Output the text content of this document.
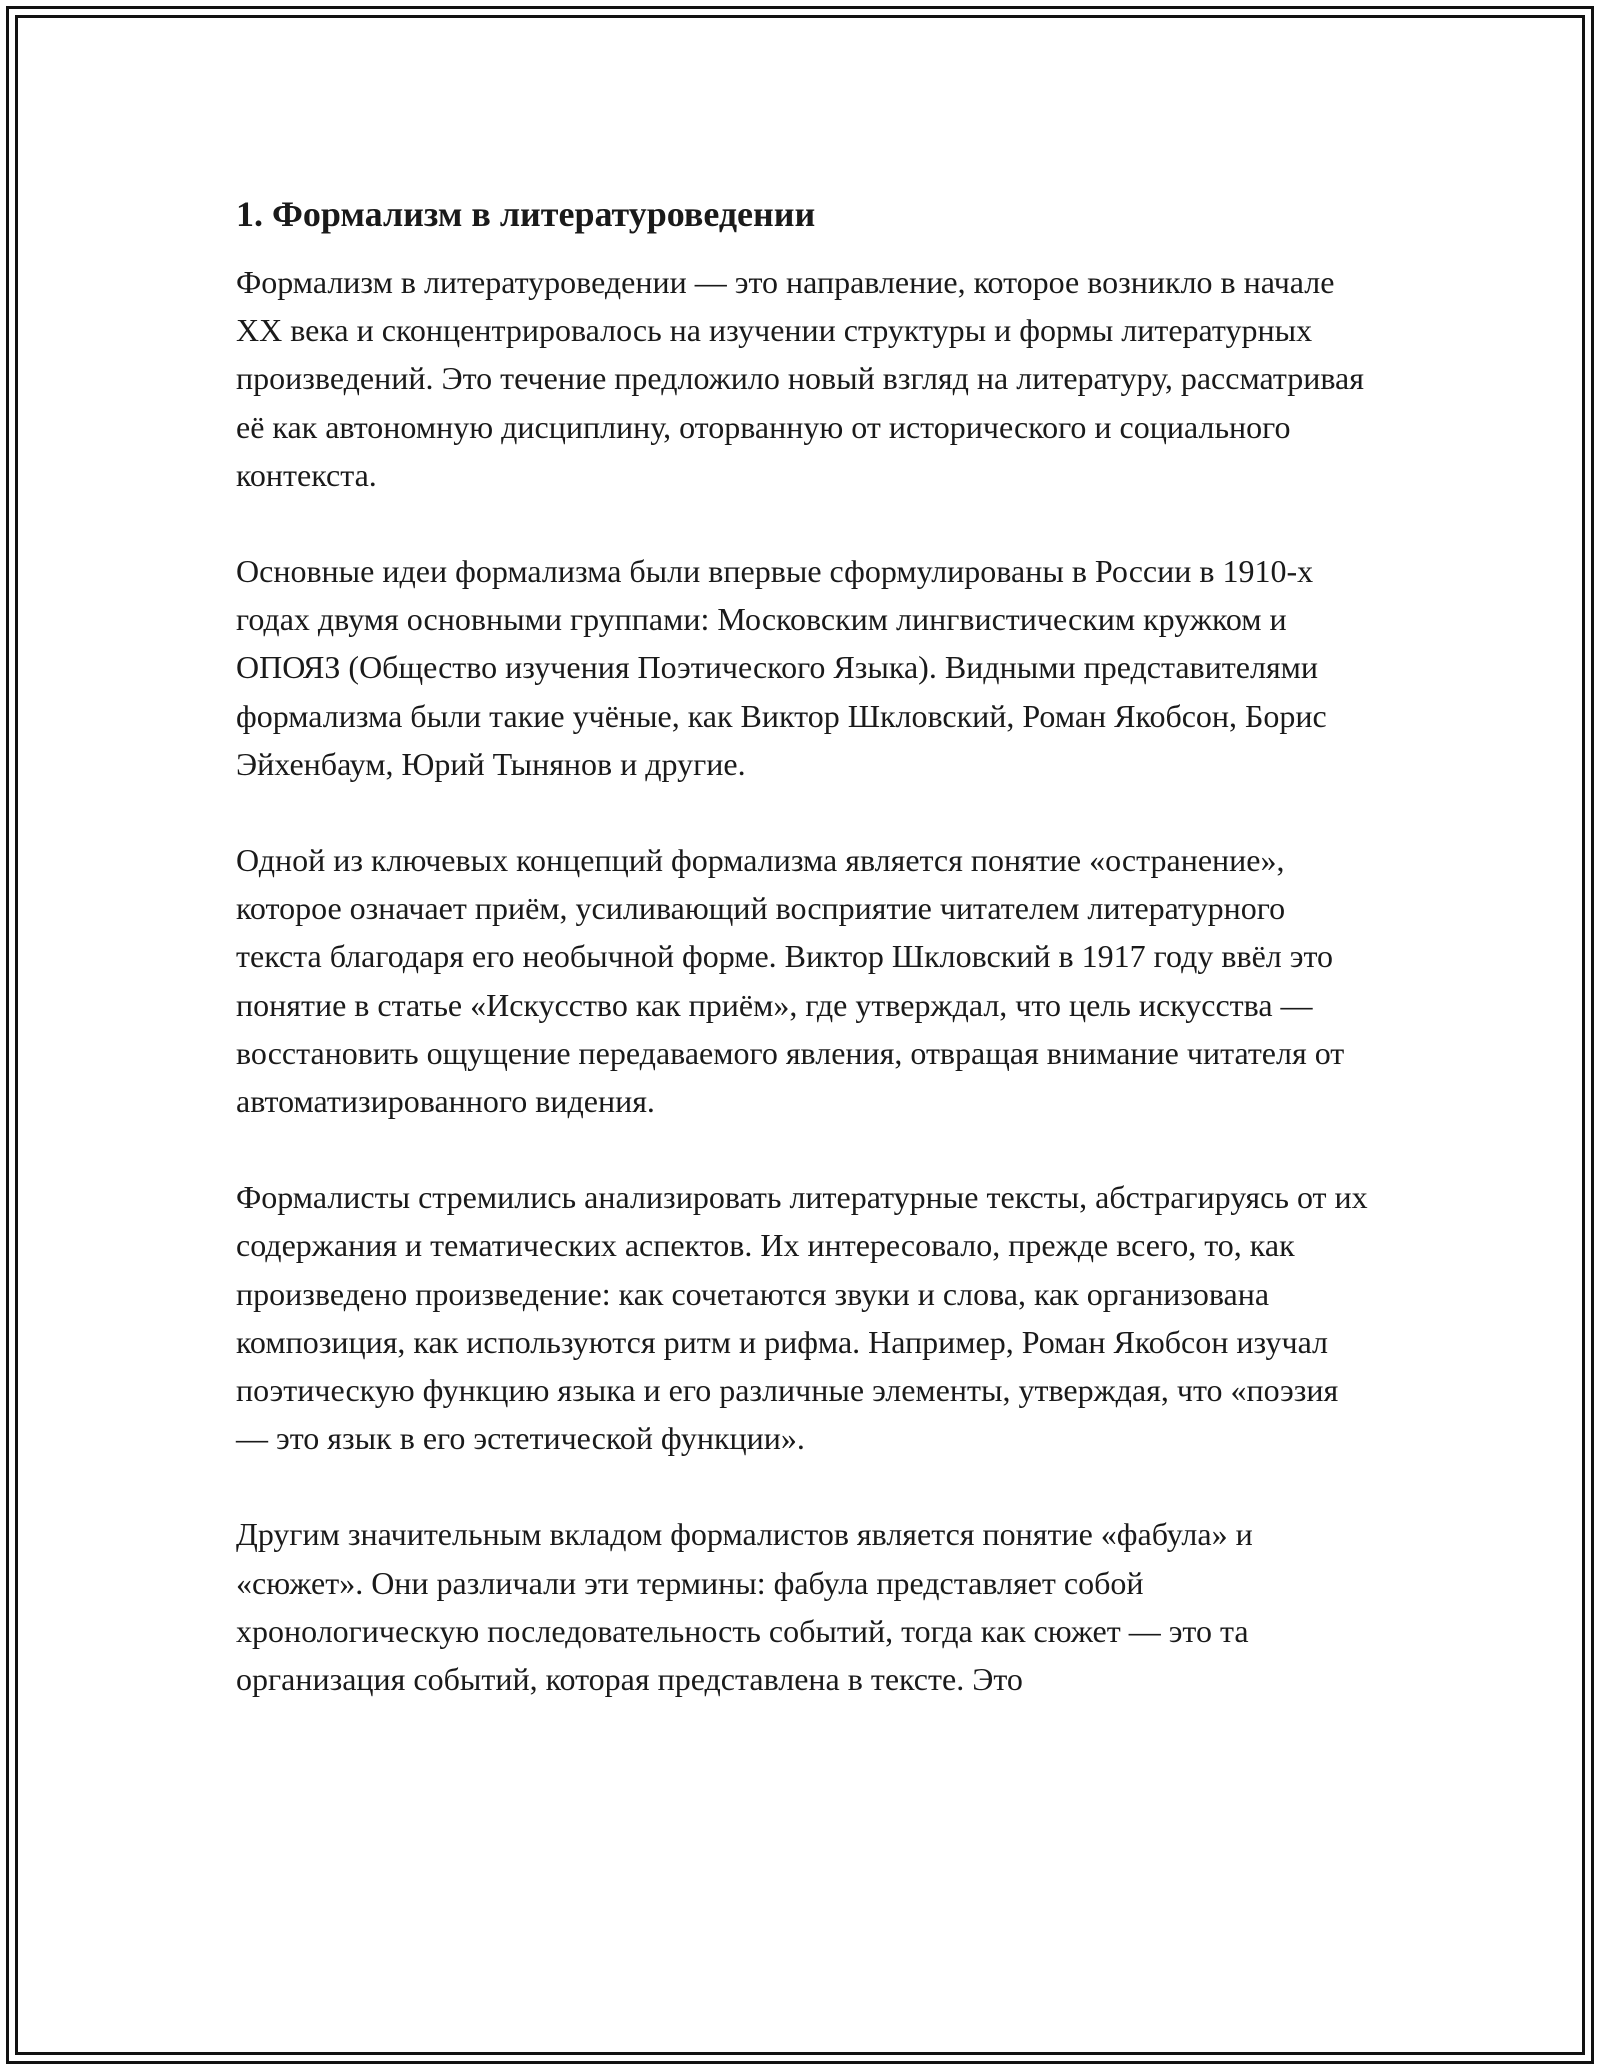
1. Формализм в литературоведении

Формализм в литературоведении — это направление, которое возникло в начале XX века и сконцентрировалось на изучении структуры и формы литературных произведений. Это течение предложило новый взгляд на литературу, рассматривая её как автономную дисциплину, оторванную от исторического и социального контекста.

Основные идеи формализма были впервые сформулированы в России в 1910-х годах двумя основными группами: Московским лингвистическим кружком и ОПОЯЗ (Общество изучения Поэтического Языка). Видными представителями формализма были такие учёные, как Виктор Шкловский, Роман Якобсон, Борис Эйхенбаум, Юрий Тынянов и другие.

Одной из ключевых концепций формализма является понятие «остранение», которое означает приём, усиливающий восприятие читателем литературного текста благодаря его необычной форме. Виктор Шкловский в 1917 году ввёл это понятие в статье «Искусство как приём», где утверждал, что цель искусства — восстановить ощущение передаваемого явления, отвращая внимание читателя от автоматизированного видения.

Формалисты стремились анализировать литературные тексты, абстрагируясь от их содержания и тематических аспектов. Их интересовало, прежде всего, то, как произведено произведение: как сочетаются звуки и слова, как организована композиция, как используются ритм и рифма. Например, Роман Якобсон изучал поэтическую функцию языка и его различные элементы, утверждая, что «поэзия — это язык в его эстетической функции».

Другим значительным вкладом формалистов является понятие «фабула» и «сюжет». Они различали эти термины: фабула представляет собой хронологическую последовательность событий, тогда как сюжет — это та организация событий, которая представлена в тексте. Это
